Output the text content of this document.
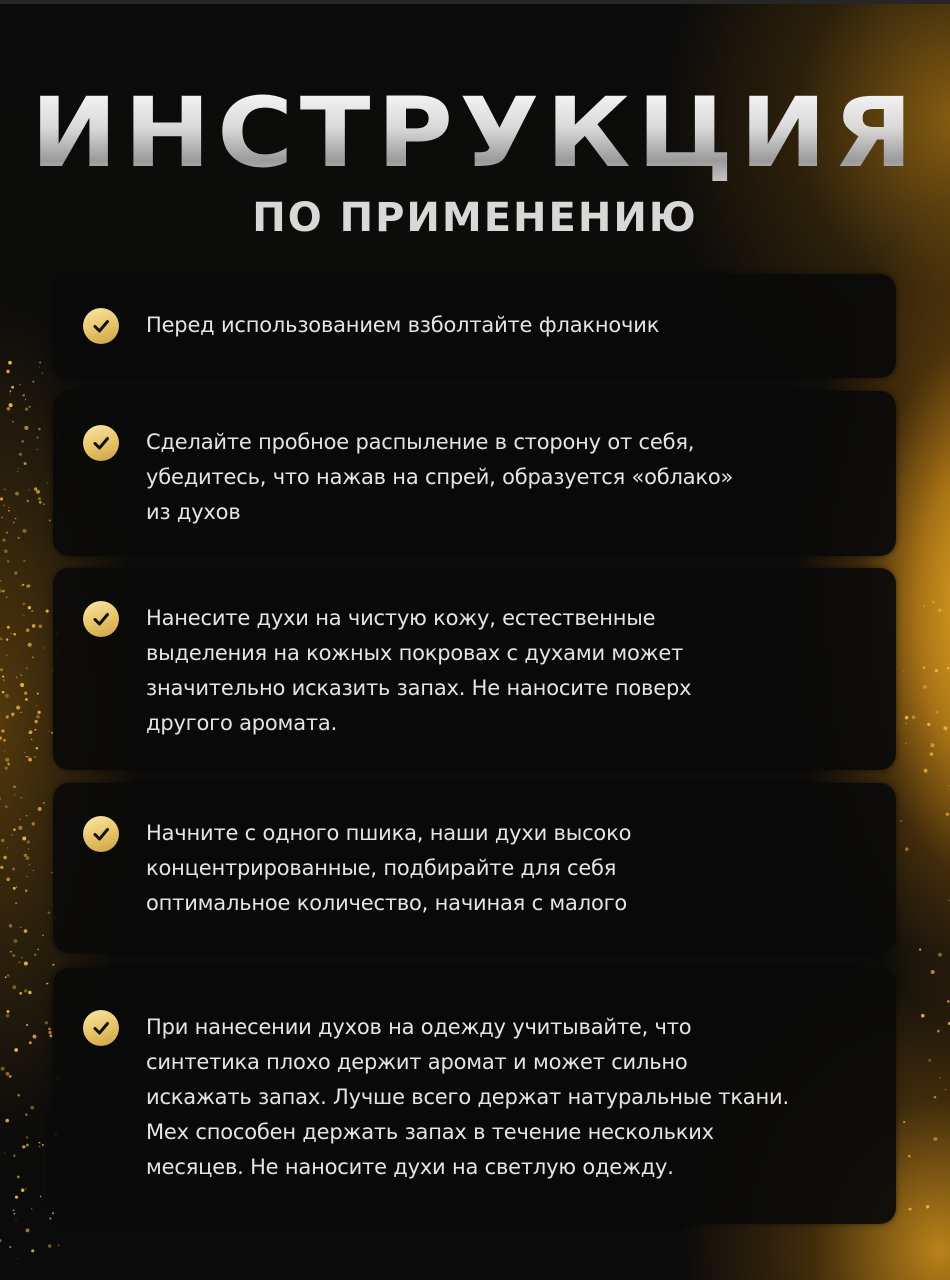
ИНСТРУКЦИЯ
ПО ПРИМЕНЕНИЮ
Перед использованием взболтайте флакночик
Сделайте пробное распыление в сторону от себя,
убедитесь, что нажав на спрей, образуется «облако»
из духов
Нанесите духи на чистую кожу, естественные
выделения на кожных покровах с духами может
значительно исказить запах. Не наносите поверх
другого аромата.
Начните с одного пшика, наши духи высоко
концентрированные, подбирайте для себя
оптимальное количество, начиная с малого
При нанесении духов на одежду учитывайте, что
синтетика плохо держит аромат и может сильно
искажать запах. Лучше всего держат натуральные ткани.
Мех способен держать запах в течение нескольких
месяцев. Не наносите духи на светлую одежду.
